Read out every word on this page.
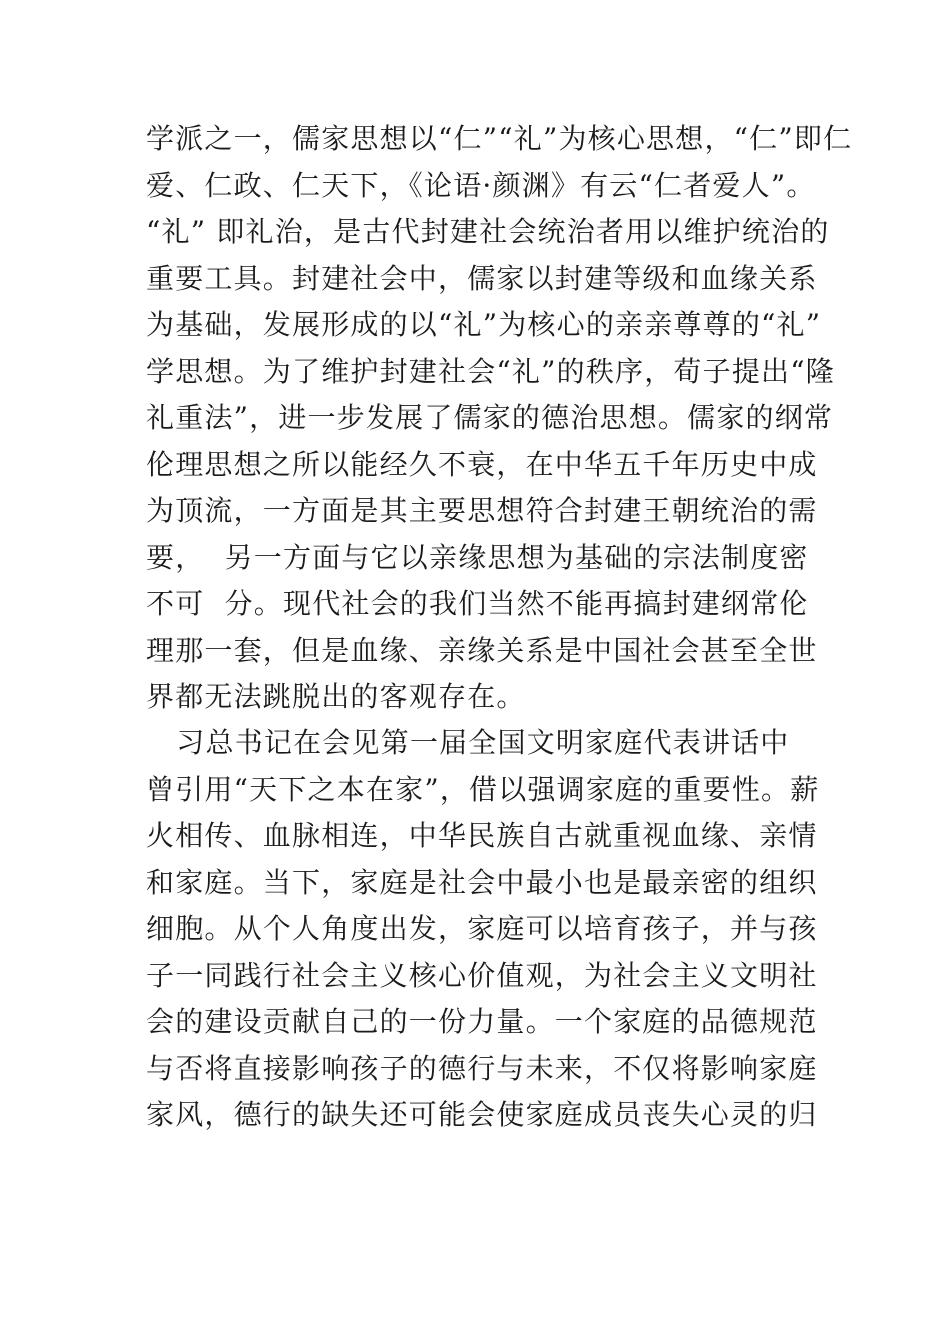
学派之一，儒家思想以“仁”“礼”为核心思想，“仁”即仁
爱、仁政、仁天下，《论语·颜渊》有云“仁者爱人”。
“礼” 即礼治，是古代封建社会统治者用以维护统治的
重要工具。封建社会中，儒家以封建等级和血缘关系
为基础，发展形成的以“礼”为核心的亲亲尊尊的“礼”
学思想。为了维护封建社会“礼”的秩序，荀子提出“隆
礼重法”，进一步发展了儒家的德治思想。儒家的纲常
伦理思想之所以能经久不衰，在中华五千年历史中成
为顶流，一方面是其主要思想符合封建王朝统治的需
要，  另一方面与它以亲缘思想为基础的宗法制度密
不可  分。现代社会的我们当然不能再搞封建纲常伦
理那一套，但是血缘、亲缘关系是中国社会甚至全世
界都无法跳脱出的客观存在。
习总书记在会见第一届全国文明家庭代表讲话中
曾引用“天下之本在家”，借以强调家庭的重要性。薪
火相传、血脉相连，中华民族自古就重视血缘、亲情
和家庭。当下，家庭是社会中最小也是最亲密的组织
细胞。从个人角度出发，家庭可以培育孩子，并与孩
子一同践行社会主义核心价值观，为社会主义文明社
会的建设贡献自己的一份力量。一个家庭的品德规范
与否将直接影响孩子的德行与未来，不仅将影响家庭
家风，德行的缺失还可能会使家庭成员丧失心灵的归
